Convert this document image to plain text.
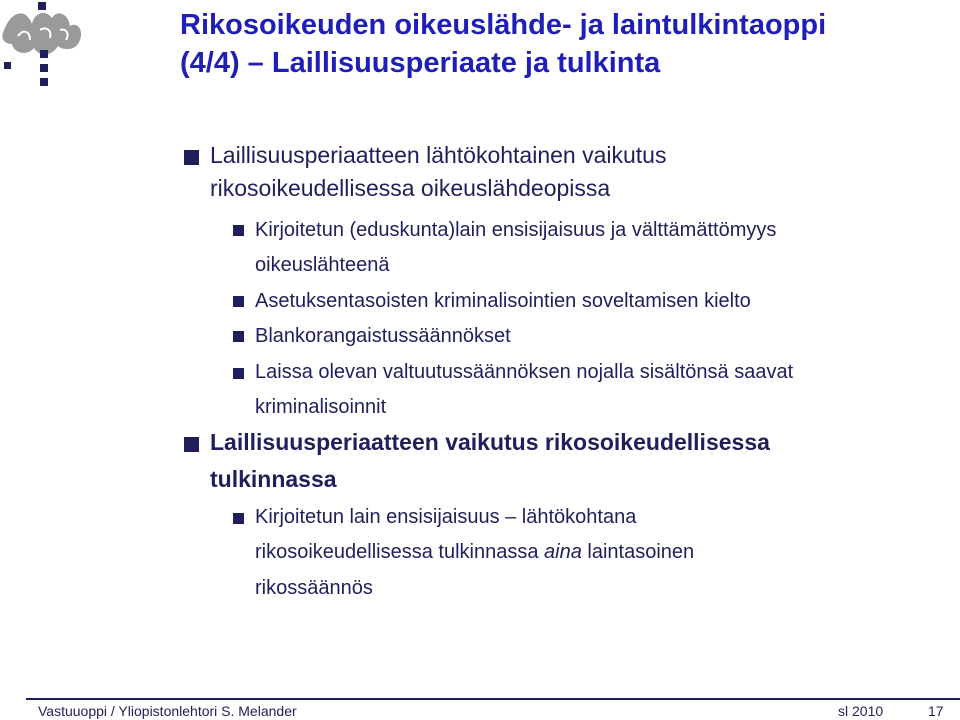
Rikosoikeuden oikeuslähde- ja laintulkintaoppi
(4/4) – Laillisuusperiaate ja tulkinta

Laillisuusperiaatteen lähtökohtainen vaikutus

rikosoikeudellisessa oikeuslähdeopissa

Kirjoitetun (eduskunta)lain ensisijaisuus ja välttämättömyys

oikeuslähteenä

Asetuksentasoisten kriminalisointien soveltamisen kielto

Blankorangaistussäännökset

Laissa olevan valtuutussäännöksen nojalla sisältönsä saavat

kriminalisoinnit

Laillisuusperiaatteen vaikutus rikosoikeudellisessa

tulkinnassa

Kirjoitetun lain ensisijaisuus – lähtökohtana

rikosoikeudellisessa tulkinnassa aina laintasoinen

rikossäännös

Vastuuoppi / Yliopistonlehtori S. Melander	sl 2010	17
